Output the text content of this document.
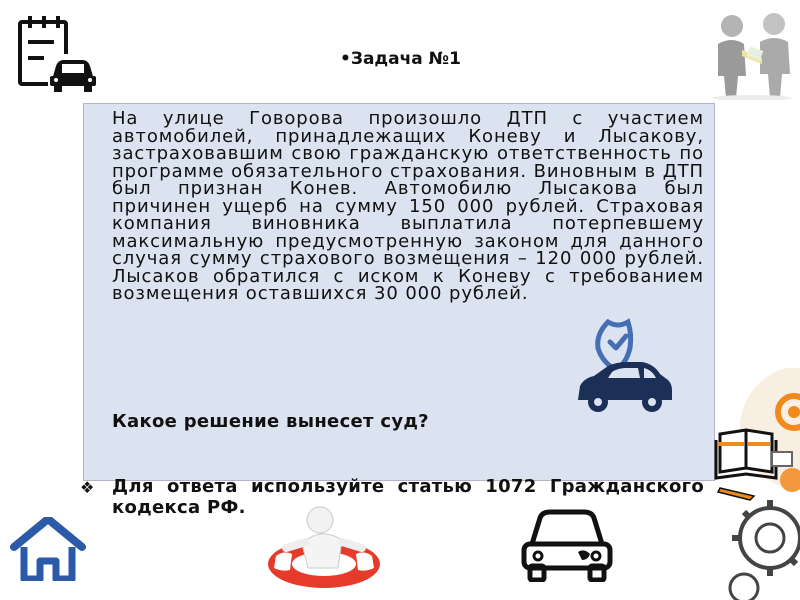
•Задача №1
На улице Говорова произошло ДТП с участием автомобилей, принадлежащих Коневу и Лысакову, застраховавшим свою гражданскую ответственность по программе обязательного страхования. Виновным в ДТП был признан Конев. Автомобилю Лысакова был причинен ущерб на сумму 150 000 рублей. Страховая компания виновника выплатила потерпевшему максимальную предусмотренную законом для данного случая сумму страхового возмещения – 120 000 рублей. Лысаков обратился с иском к Коневу с требованием возмещения оставшихся 30 000 рублей.
Какое решение вынесет суд?
❖ Для ответа используйте статью 1072 Гражданского кодекса РФ.
